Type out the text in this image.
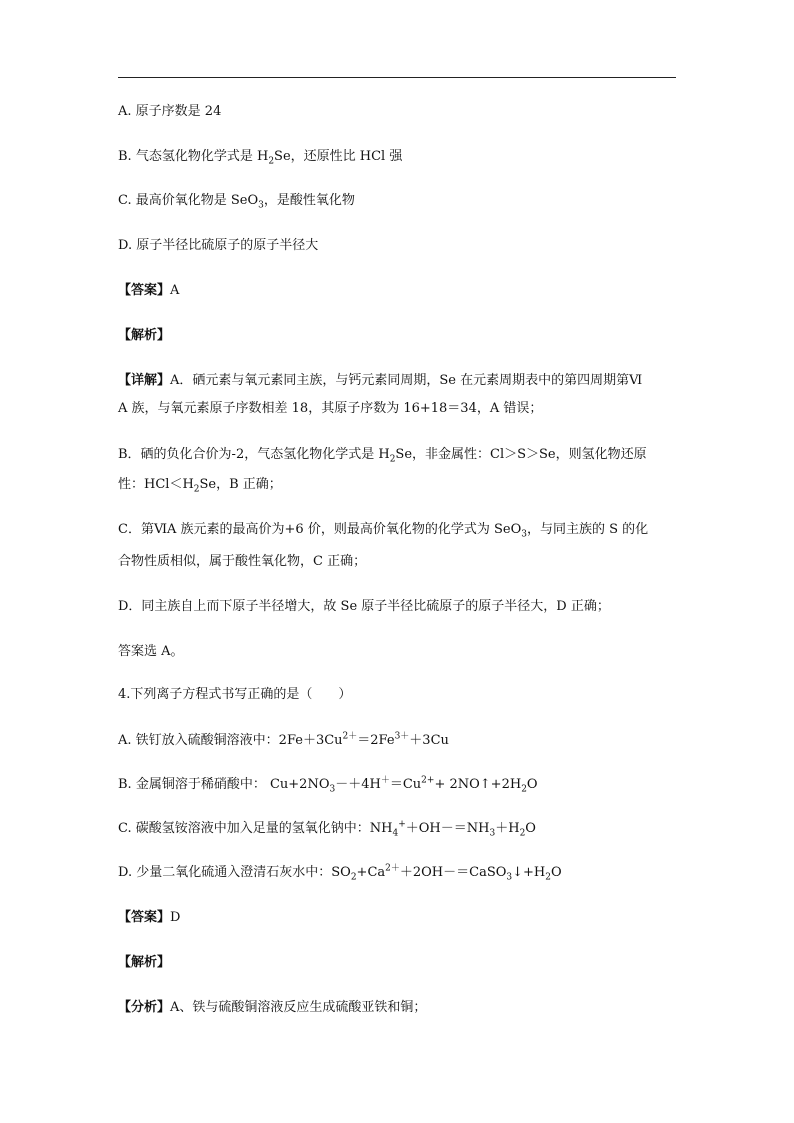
A. 原子序数是 24
B. 气态氢化物化学式是 $H_2Se$，还原性比 HCl 强
C. 最高价氧化物是 SeO$_3$，是酸性氧化物
D. 原子半径比硫原子的原子半径大
【答案】A
【解析】
【详解】A．硒元素与氧元素同主族，与钙元素同周期，Se 在元素周期表中的第四周期第Ⅵ
A 族，与氧元素原子序数相差 18，其原子序数为 16+18＝34，A 错误；
B．硒的负化合价为-2，气态氢化物化学式是 $H_2Se$，非金属性：Cl＞S＞Se，则氢化物还原
性：$HCl<H_2Se$，B 正确；
C．第ⅥA 族元素的最高价为+6 价，则最高价氧化物的化学式为 SeO$_3$，与同主族的 S 的化
合物性质相似，属于酸性氧化物，C 正确；
D．同主族自上而下原子半径增大，故 Se 原子半径比硫原子的原子半径大，D 正确；
答案选 A。
4.下列离子方程式书写正确的是（　　）
A. 铁钉放入硫酸铜溶液中：$2Fe+3Cu^{2+}=2Fe^{3+}+3Cu$
B. 金属铜溶于稀硝酸中： $Cu+2NO_3-+4H^+=Cu^{2+}+$ $2NO↑+2H_2O$
C. 碳酸氢铵溶液中加入足量的氢氧化钠中：$NH_4^++OH-=NH_3+H_2O$
D. 少量二氧化硫通入澄清石灰水中：$SO_2+Ca^{2+}+2OH-=CaSO_3↓+H_2O$
【答案】D
【解析】
【分析】A、铁与硫酸铜溶液反应生成硫酸亚铁和铜；
